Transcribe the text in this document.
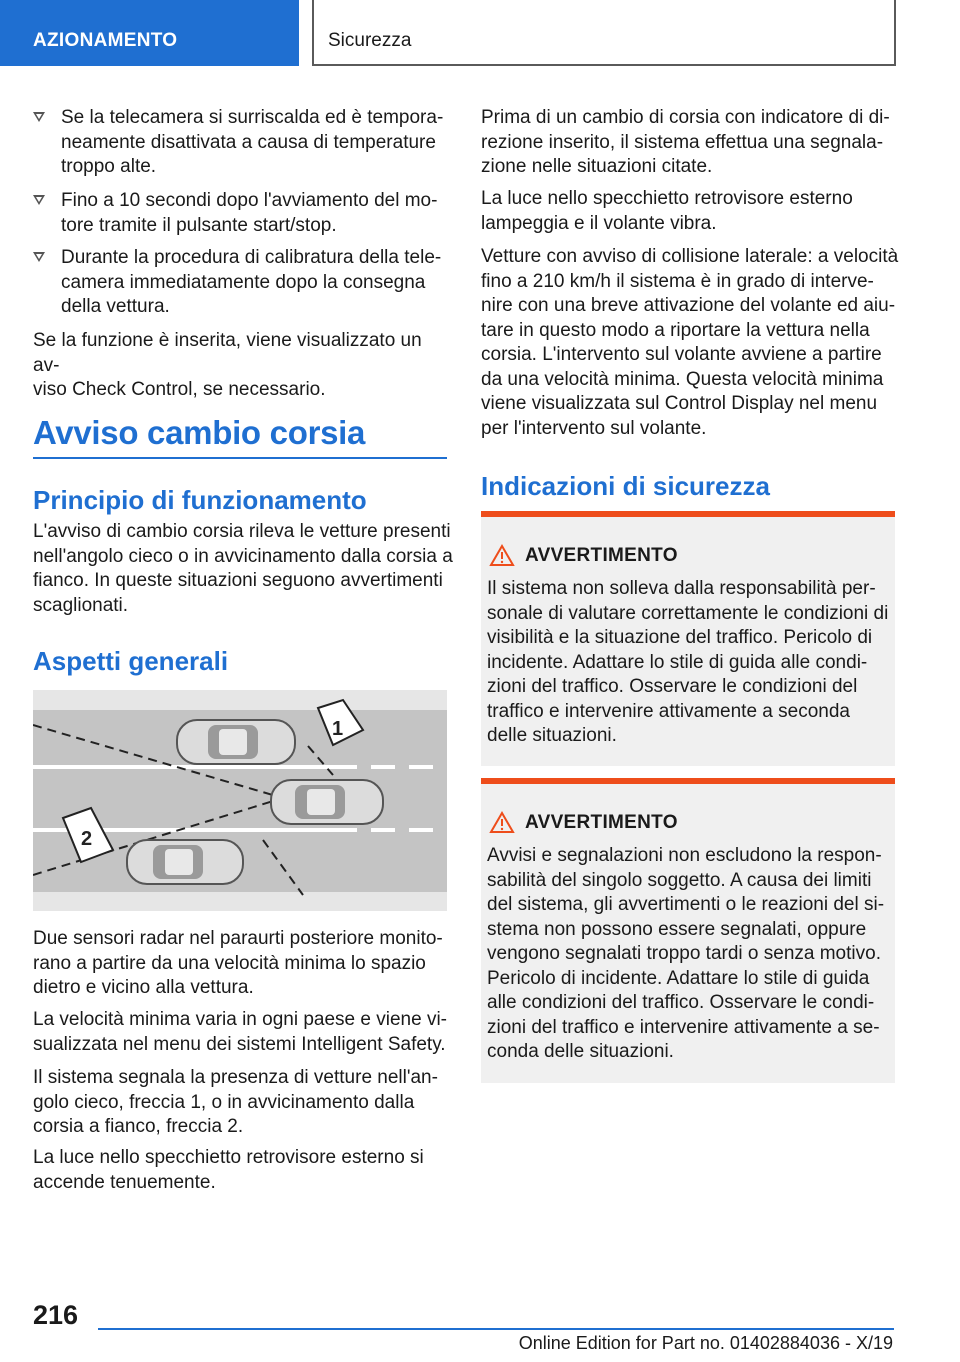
AZIONAMENTO	Sicurezza
Se la telecamera si surriscalda ed è tempora-
neamente disattivata a causa di temperature
troppo alte.
Fino a 10 secondi dopo l'avviamento del mo-
tore tramite il pulsante start/stop.
Durante la procedura di calibratura della tele-
camera immediatamente dopo la consegna
della vettura.
Se la funzione è inserita, viene visualizzato un av-
viso Check Control, se necessario.
Avviso cambio corsia
Principio di funzionamento
L'avviso di cambio corsia rileva le vetture presenti
nell'angolo cieco o in avvicinamento dalla corsia a
fianco. In queste situazioni seguono avvertimenti
scaglionati.
Aspetti generali
1
2
Due sensori radar nel paraurti posteriore monito-
rano a partire da una velocità minima lo spazio
dietro e vicino alla vettura.
La velocità minima varia in ogni paese e viene vi-
sualizzata nel menu dei sistemi Intelligent Safety.
Il sistema segnala la presenza di vetture nell'an-
golo cieco, freccia 1, o in avvicinamento dalla
corsia a fianco, freccia 2.
La luce nello specchietto retrovisore esterno si
accende tenuemente.
Prima di un cambio di corsia con indicatore di di-
rezione inserito, il sistema effettua una segnala-
zione nelle situazioni citate.
La luce nello specchietto retrovisore esterno
lampeggia e il volante vibra.
Vetture con avviso di collisione laterale: a velocità
fino a 210 km/h il sistema è in grado di interve-
nire con una breve attivazione del volante ed aiu-
tare in questo modo a riportare la vettura nella
corsia. L'intervento sul volante avviene a partire
da una velocità minima. Questa velocità minima
viene visualizzata sul Control Display nel menu
per l'intervento sul volante.
Indicazioni di sicurezza
AVVERTIMENTO
Il sistema non solleva dalla responsabilità per-
sonale di valutare correttamente le condizioni di
visibilità e la situazione del traffico. Pericolo di
incidente. Adattare lo stile di guida alle condi-
zioni del traffico. Osservare le condizioni del
traffico e intervenire attivamente a seconda
delle situazioni.
AVVERTIMENTO
Avvisi e segnalazioni non escludono la respon-
sabilità del singolo soggetto. A causa dei limiti
del sistema, gli avvertimenti o le reazioni del si-
stema non possono essere segnalati, oppure
vengono segnalati troppo tardi o senza motivo.
Pericolo di incidente. Adattare lo stile di guida
alle condizioni del traffico. Osservare le condi-
zioni del traffico e intervenire attivamente a se-
conda delle situazioni.
216
Online Edition for Part no. 01402884036 - X/19
